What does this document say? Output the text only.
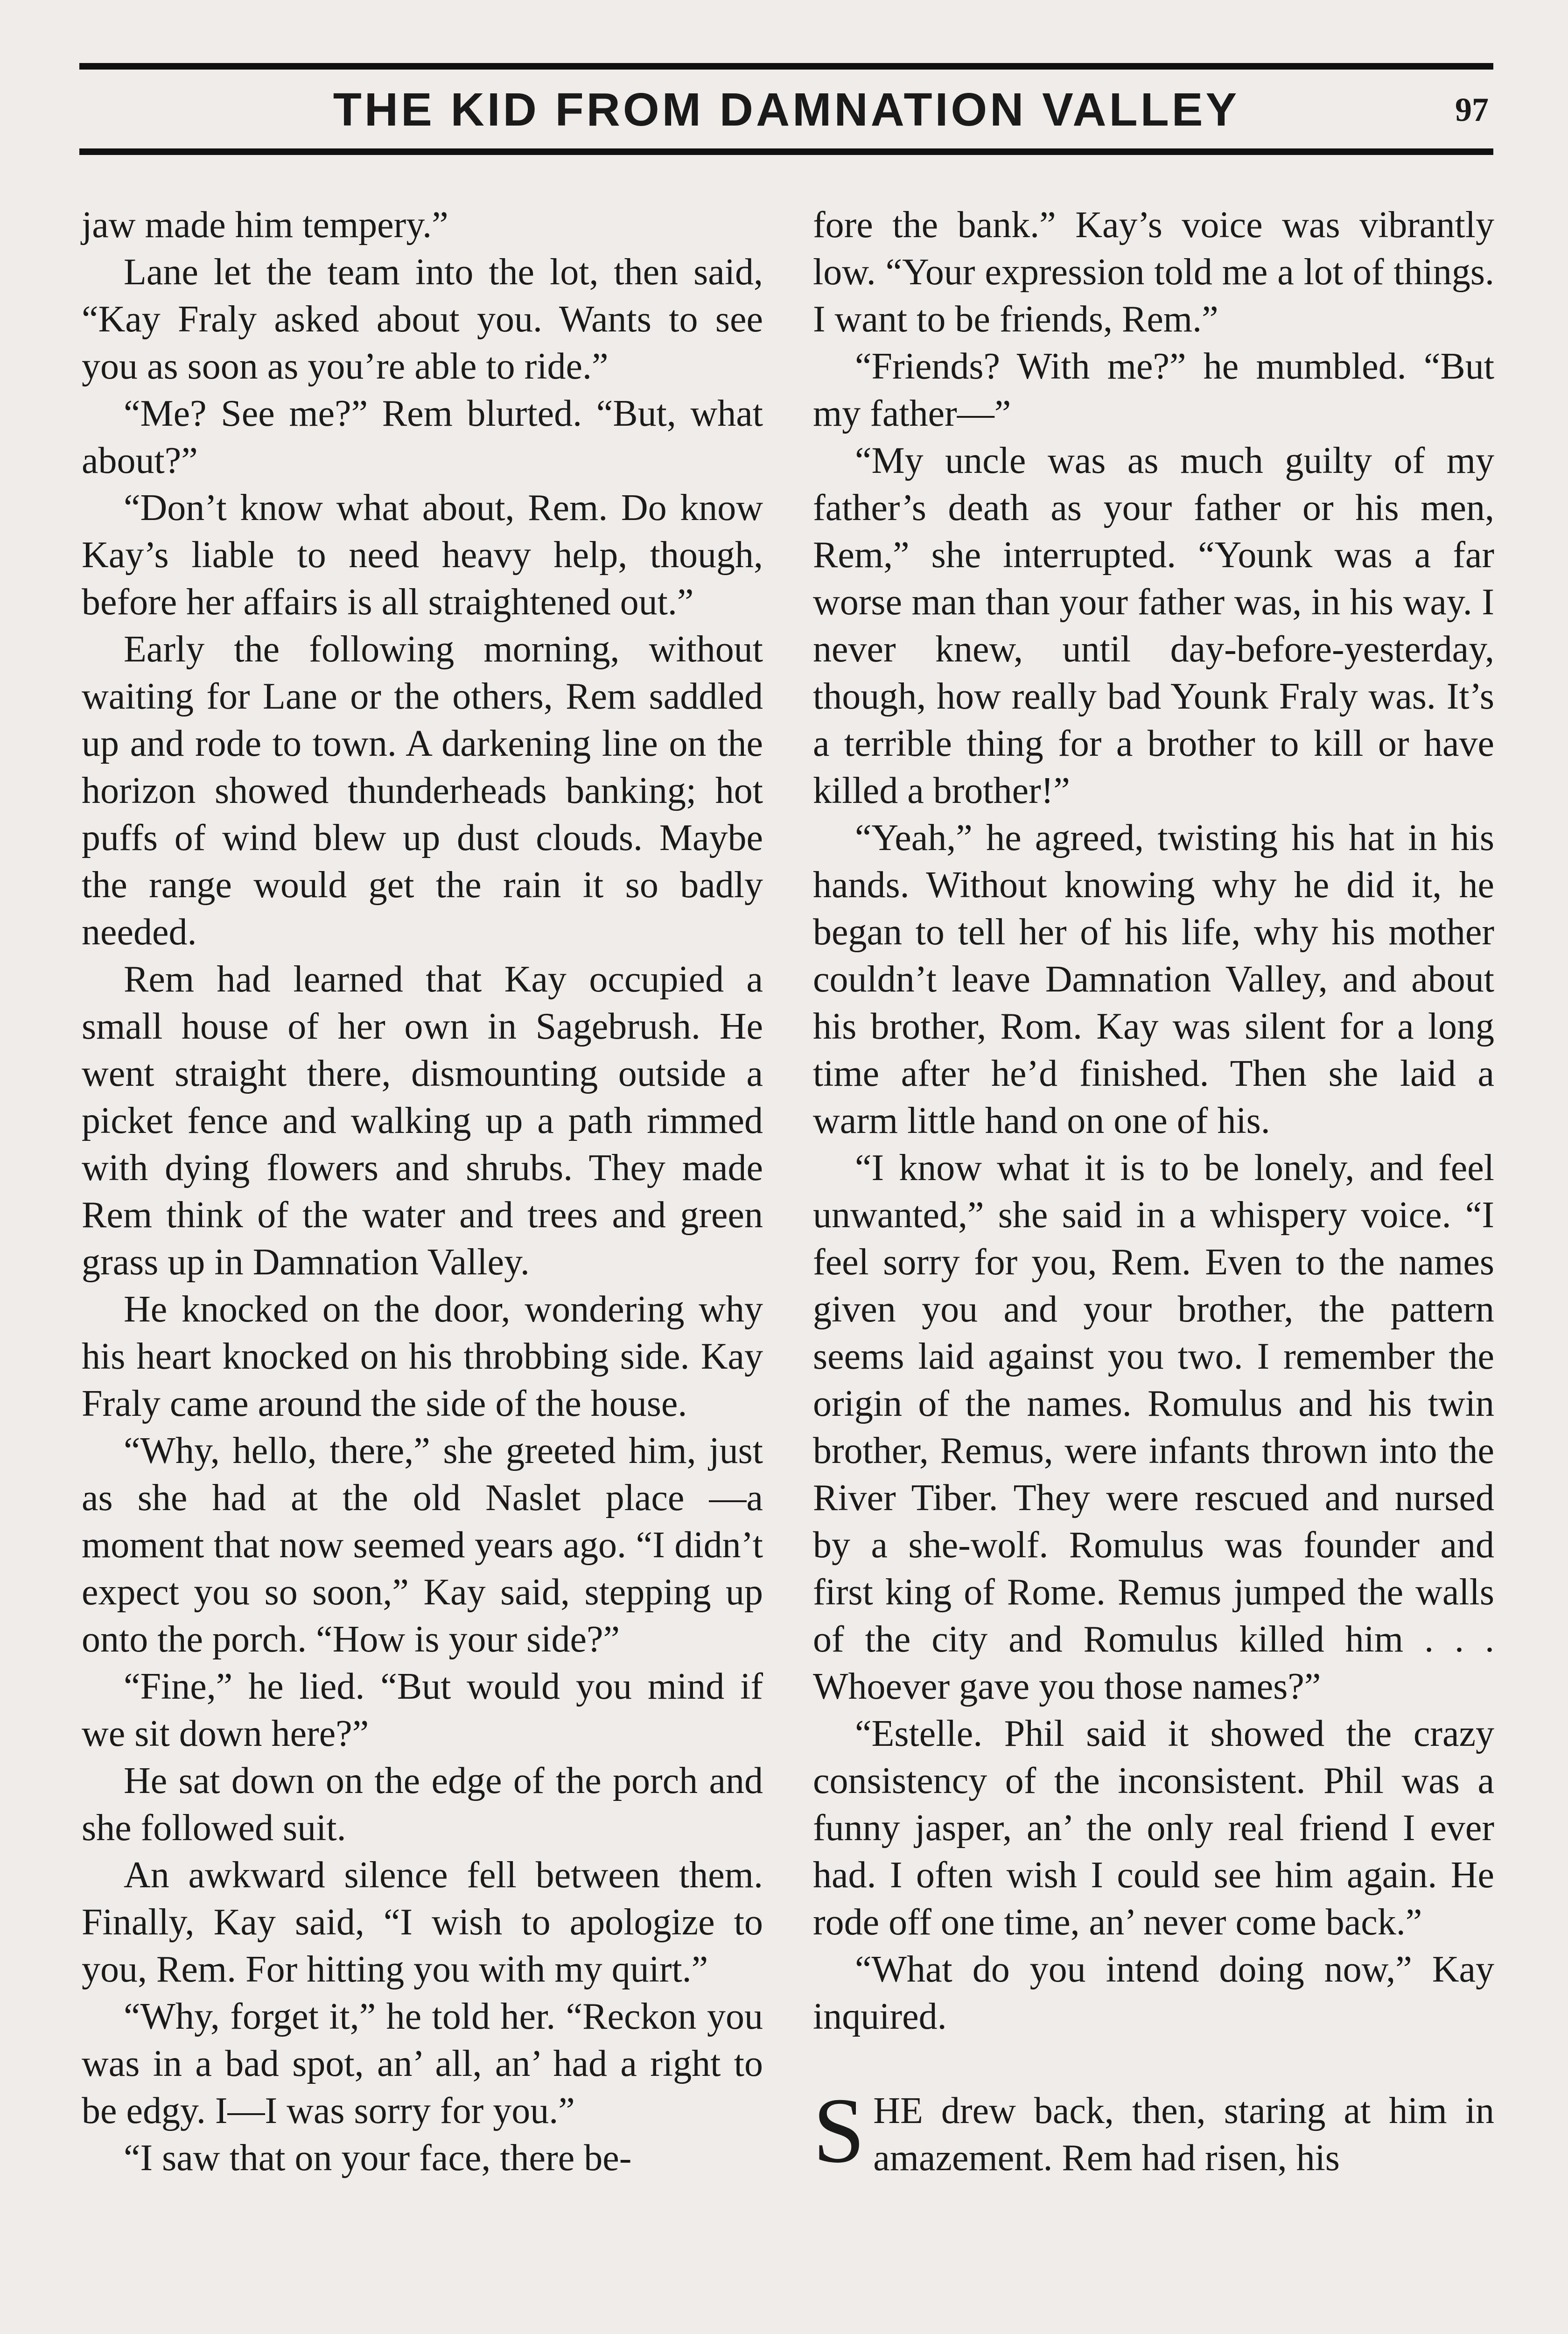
THE KID FROM DAMNATION VALLEY	97

jaw made him tempery.”

Lane let the team into the lot, then said, “Kay Fraly asked about you. Wants to see you as soon as you’re able to ride.”

“Me? See me?” Rem blurted. “But, what about?”

“Don’t know what about, Rem. Do know Kay’s liable to need heavy help, though, before her affairs is all straightened out.”

Early the following morning, without waiting for Lane or the others, Rem saddled up and rode to town. A darkening line on the horizon showed thunderheads banking; hot puffs of wind blew up dust clouds. Maybe the range would get the rain it so badly needed.

Rem had learned that Kay occupied a small house of her own in Sagebrush. He went straight there, dismounting outside a picket fence and walking up a path rimmed with dying flowers and shrubs. They made Rem think of the water and trees and green grass up in Damnation Valley.

He knocked on the door, wondering why his heart knocked on his throbbing side. Kay Fraly came around the side of the house.

“Why, hello, there,” she greeted him, just as she had at the old Naslet place —a moment that now seemed years ago. “I didn’t expect you so soon,” Kay said, stepping up onto the porch. “How is your side?”

“Fine,” he lied. “But would you mind if we sit down here?”

He sat down on the edge of the porch and she followed suit.

An awkward silence fell between them. Finally, Kay said, “I wish to apologize to you, Rem. For hitting you with my quirt.”

“Why, forget it,” he told her. “Reckon you was in a bad spot, an’ all, an’ had a right to be edgy. I—I was sorry for you.”

“I saw that on your face, there be-

fore the bank.” Kay’s voice was vibrantly low. “Your expression told me a lot of things. I want to be friends, Rem.”

“Friends? With me?” he mumbled. “But my father—”

“My uncle was as much guilty of my father’s death as your father or his men, Rem,” she interrupted. “Younk was a far worse man than your father was, in his way. I never knew, until day-before-yesterday, though, how really bad Younk Fraly was. It’s a terrible thing for a brother to kill or have killed a brother!”

“Yeah,” he agreed, twisting his hat in his hands. Without knowing why he did it, he began to tell her of his life, why his mother couldn’t leave Damnation Valley, and about his brother, Rom. Kay was silent for a long time after he’d finished. Then she laid a warm little hand on one of his.

“I know what it is to be lonely, and feel unwanted,” she said in a whispery voice. “I feel sorry for you, Rem. Even to the names given you and your brother, the pattern seems laid against you two. I remember the origin of the names. Romulus and his twin brother, Remus, were infants thrown into the River Tiber. They were rescued and nursed by a she-wolf. Romulus was founder and first king of Rome. Remus jumped the walls of the city and Romulus killed him . . . Whoever gave you those names?”

“Estelle. Phil said it showed the crazy consistency of the inconsistent. Phil was a funny jasper, an’ the only real friend I ever had. I often wish I could see him again. He rode off one time, an’ never come back.”

“What do you intend doing now,” Kay inquired.

SHE drew back, then, staring at him in amazement. Rem had risen, his
